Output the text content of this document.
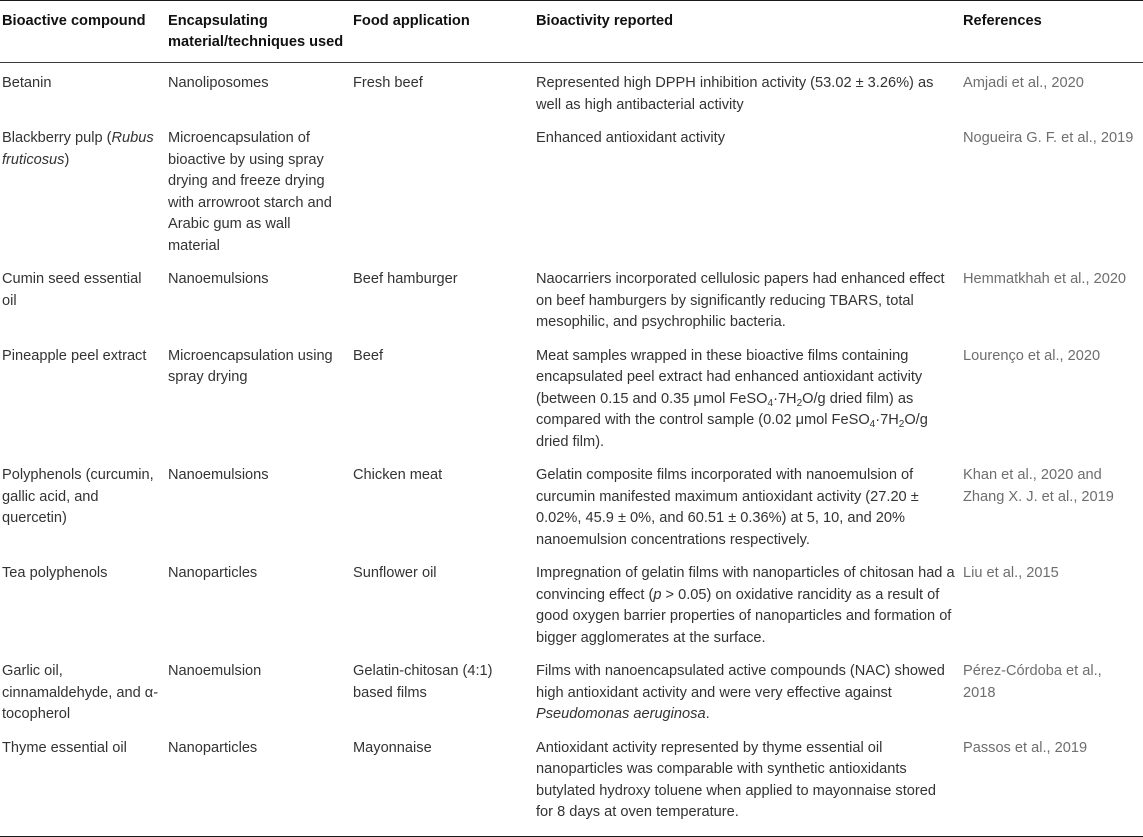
Bioactive compound	Encapsulating material/techniques used	Food application	Bioactivity reported	References
Betanin	Nanoliposomes	Fresh beef	Represented high DPPH inhibition activity (53.02 ± 3.26%) as well as high antibacterial activity	Amjadi et al., 2020
Blackberry pulp (Rubus fruticosus)	Microencapsulation of bioactive by using spray drying and freeze drying with arrowroot starch and Arabic gum as wall material		Enhanced antioxidant activity	Nogueira G. F. et al., 2019
Cumin seed essential oil	Nanoemulsions	Beef hamburger	Naocarriers incorporated cellulosic papers had enhanced effect on beef hamburgers by significantly reducing TBARS, total mesophilic, and psychrophilic bacteria.	Hemmatkhah et al., 2020
Pineapple peel extract	Microencapsulation using spray drying	Beef	Meat samples wrapped in these bioactive films containing encapsulated peel extract had enhanced antioxidant activity (between 0.15 and 0.35 μmol $FeSO_4\cdot 7H_2O/g$ dried film) as compared with the control sample (0.02 μmol $FeSO_4\cdot 7H_2O/g$ dried film).	Lourenço et al., 2020
Polyphenols (curcumin, gallic acid, and quercetin)	Nanoemulsions	Chicken meat	Gelatin composite films incorporated with nanoemulsion of curcumin manifested maximum antioxidant activity (27.20 ± 0.02%, 45.9 ± 0%, and 60.51 ± 0.36%) at 5, 10, and 20% nanoemulsion concentrations respectively.	Khan et al., 2020 and Zhang X. J. et al., 2019
Tea polyphenols	Nanoparticles	Sunflower oil	Impregnation of gelatin films with nanoparticles of chitosan had a convincing effect (p > 0.05) on oxidative rancidity as a result of good oxygen barrier properties of nanoparticles and formation of bigger agglomerates at the surface.	Liu et al., 2015
Garlic oil, cinnamaldehyde, and α-tocopherol	Nanoemulsion	Gelatin-chitosan (4:1) based films	Films with nanoencapsulated active compounds (NAC) showed high antioxidant activity and were very effective against Pseudomonas aeruginosa.	Pérez-Córdoba et al., 2018
Thyme essential oil	Nanoparticles	Mayonnaise	Antioxidant activity represented by thyme essential oil nanoparticles was comparable with synthetic antioxidants butylated hydroxy toluene when applied to mayonnaise stored for 8 days at oven temperature.	Passos et al., 2019
